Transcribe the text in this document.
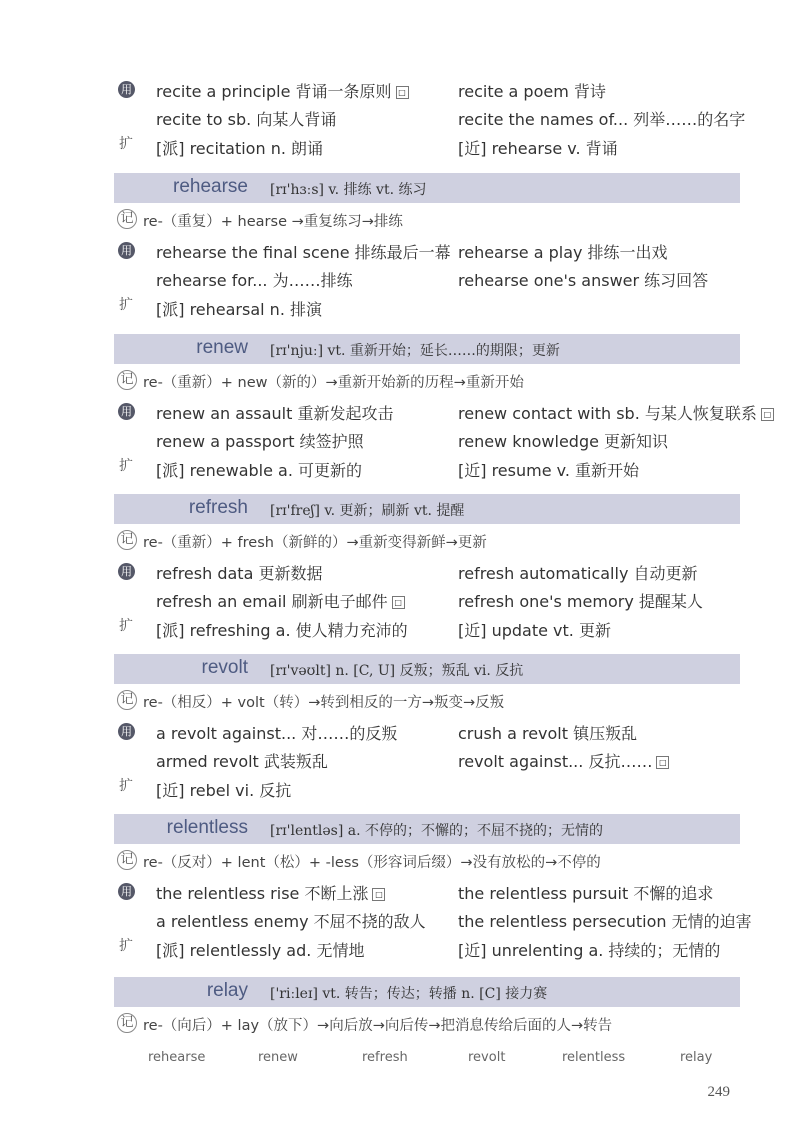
用 recite a principle 背诵一条原则 □	recite a poem 背诗
recite to sb. 向某人背诵	recite the names of... 列举……的名字
扩 [派] recitation n. 朗诵	[近] rehearse v. 背诵
rehearse [rɪ'hɜːs] v. 排练 vt. 练习
记 re-（重复）+ hearse →重复练习→排练
用 rehearse the final scene 排练最后一幕 rehearse a play 排练一出戏
rehearse for... 为……排练	rehearse one's answer 练习回答
扩 [派] rehearsal n. 排演
renew [rɪ'njuː] vt. 重新开始；延长……的期限；更新
记 re-（重新）+ new（新的）→重新开始新的历程→重新开始
用 renew an assault 重新发起攻击	renew contact with sb. 与某人恢复联系 □
renew a passport 续签护照	renew knowledge 更新知识
扩 [派] renewable a. 可更新的	[近] resume v. 重新开始
refresh [rɪ'freʃ] v. 更新；刷新 vt. 提醒
记 re-（重新）+ fresh（新鲜的）→重新变得新鲜→更新
用 refresh data 更新数据	refresh automatically 自动更新
refresh an email 刷新电子邮件 □	refresh one's memory 提醒某人
扩 [派] refreshing a. 使人精力充沛的	[近] update vt. 更新
revolt [rɪ'vəʊlt] n. [C, U] 反叛；叛乱 vi. 反抗
记 re-（相反）+ volt（转）→转到相反的一方→叛变→反叛
用 a revolt against... 对……的反叛	crush a revolt 镇压叛乱
armed revolt 武装叛乱	revolt against... 反抗…… □
扩 [近] rebel vi. 反抗
relentless [rɪ'lentləs] a. 不停的；不懈的；不屈不挠的；无情的
记 re-（反对）+ lent（松）+ -less（形容词后缀）→没有放松的→不停的
用 the relentless rise 不断上涨 □	the relentless pursuit 不懈的追求
a relentless enemy 不屈不挠的敌人 the relentless persecution 无情的迫害
扩 [派] relentlessly ad. 无情地	[近] unrelenting a. 持续的；无情的
relay ['riːleɪ] vt. 转告；传达；转播 n. [C] 接力赛
记 re-（向后）+ lay（放下）→向后放→向后传→把消息传给后面的人→转告
rehearse	renew	refresh	revolt	relentless	relay
249
